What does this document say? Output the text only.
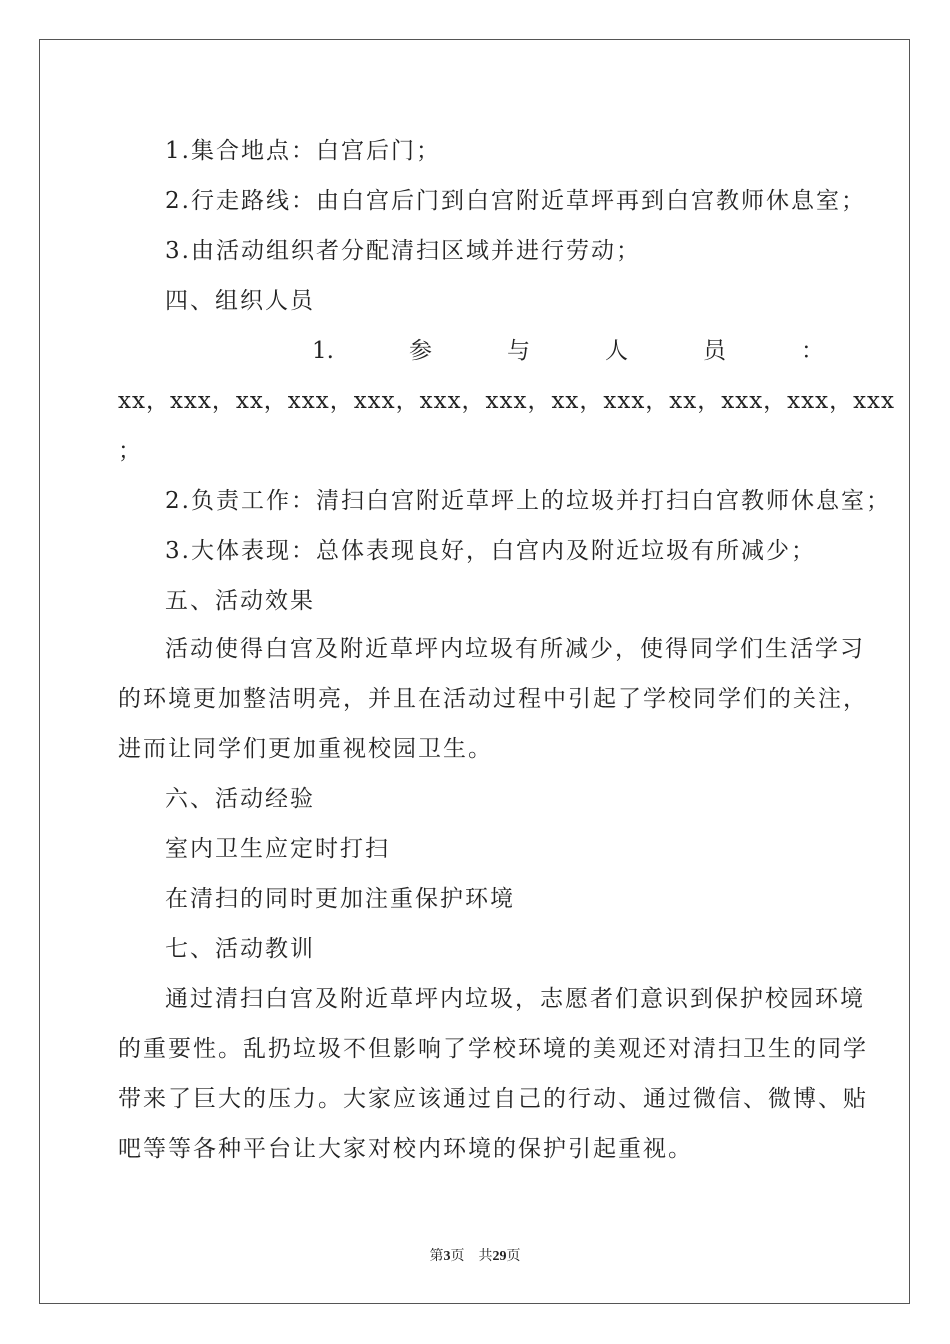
1.集合地点：白宫后门；
2.行走路线：由白宫后门到白宫附近草坪再到白宫教师休息室；
3.由活动组织者分配清扫区域并进行劳动；
四、组织人员
1.	参	与	人	员	：
xx，xxx，xx，xxx，xxx，xxx，xxx，xx，xxx，xx，xxx，xxx，xxx
；
2.负责工作：清扫白宫附近草坪上的垃圾并打扫白宫教师休息室；
3.大体表现：总体表现良好，白宫内及附近垃圾有所减少；
五、活动效果
活动使得白宫及附近草坪内垃圾有所减少，使得同学们生活学习
的环境更加整洁明亮，并且在活动过程中引起了学校同学们的关注，
进而让同学们更加重视校园卫生。
六、活动经验
室内卫生应定时打扫
在清扫的同时更加注重保护环境
七、活动教训
通过清扫白宫及附近草坪内垃圾，志愿者们意识到保护校园环境
的重要性。乱扔垃圾不但影响了学校环境的美观还对清扫卫生的同学
带来了巨大的压力。大家应该通过自己的行动、通过微信、微博、贴
吧等等各种平台让大家对校内环境的保护引起重视。
第3页 共29页
